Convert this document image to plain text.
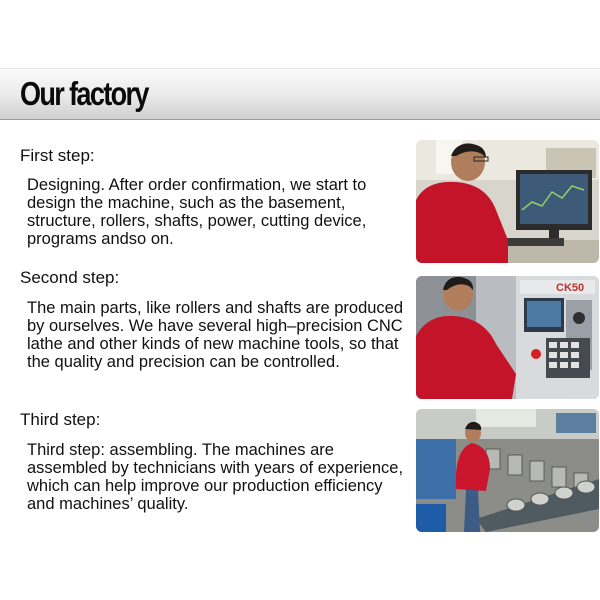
Our factory
First step:

Designing. After order confirmation, we start to design the machine, such as the basement, structure, rollers, shafts, power, cutting device, programs andso on.

Second step:

The main parts, like rollers and shafts are produced by ourselves. We have several high–precision CNC lathe and other kinds of new machine tools, so that the quality and precision can be controlled.

Third step:

Third step: assembling. The machines are assembled by technicians with years of experience, which can help improve our production efficiency and machines’ quality.

CK50
